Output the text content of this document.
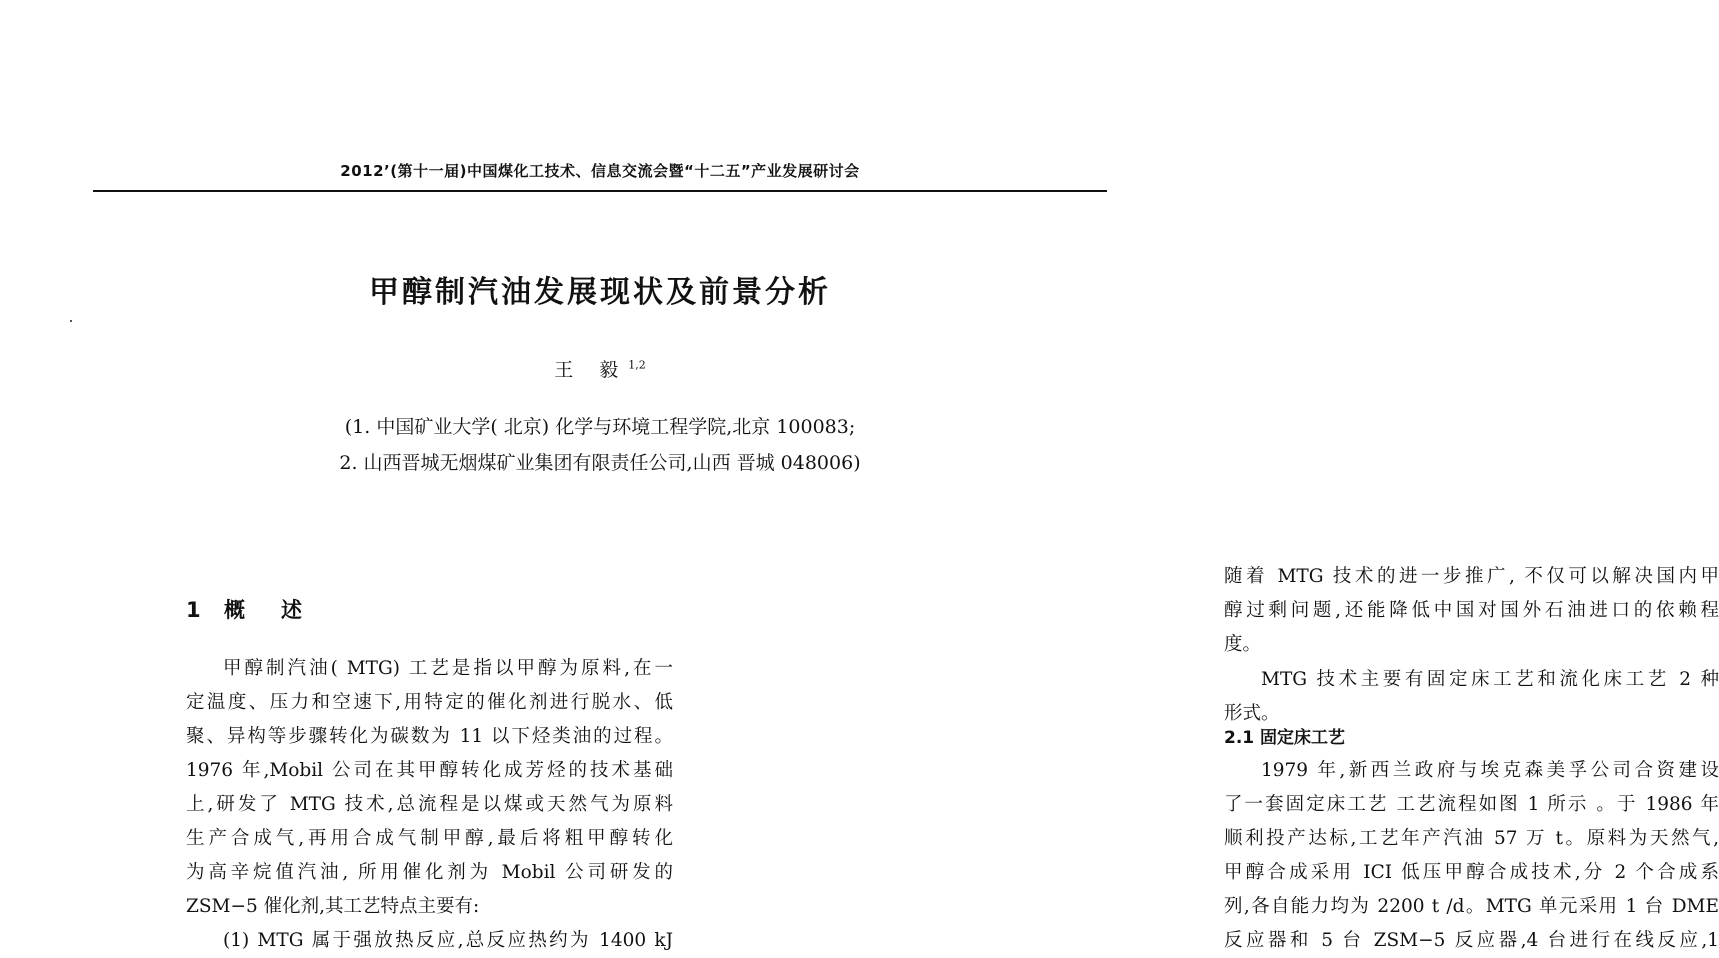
2012’(第十一届)中国煤化工技术、信息交流会暨“十二五”产业发展研讨会
甲醇制汽油发展现状及前景分析
王 毅$^{1,2}$
(1. 中国矿业大学( 北京) 化学与环境工程学院,北京 100083;
2. 山西晋城无烟煤矿业集团有限责任公司,山西 晋城 048006)
1 概述
甲醇制汽油( MTG) 工艺是指以甲醇为原料,在一
定温度、压力和空速下,用特定的催化剂进行脱水、低
聚、异构等步骤转化为碳数为 11 以下烃类油的过程。
1976 年,Mobil 公司在其甲醇转化成芳烃的技术基础
上,研发了 MTG 技术,总流程是以煤或天然气为原料
生产合成气,再用合成气制甲醇,最后将粗甲醇转化
为高辛烷值汽油, 所用催化剂为 Mobil 公司研发的
ZSM−5 催化剂,其工艺特点主要有:
(1) MTG 属于强放热反应,总反应热约为 1400 kJ
随着 MTG 技术的进一步推广, 不仅可以解决国内甲
醇过剩问题,还能降低中国对国外石油进口的依赖程
度。
MTG 技术主要有固定床工艺和流化床工艺 2 种
形式。
2.1 固定床工艺
1979 年,新西兰政府与埃克森美孚公司合资建设
了一套固定床工艺 工艺流程如图 1 所示 。于 1986 年
顺利投产达标,工艺年产汽油 57 万 t。原料为天然气,
甲醇合成采用 ICI 低压甲醇合成技术,分 2 个合成系
列,各自能力均为 2200 t /d。MTG 单元采用 1 台 DME
反应器和 5 台 ZSM−5 反应器,4 台进行在线反应,1
